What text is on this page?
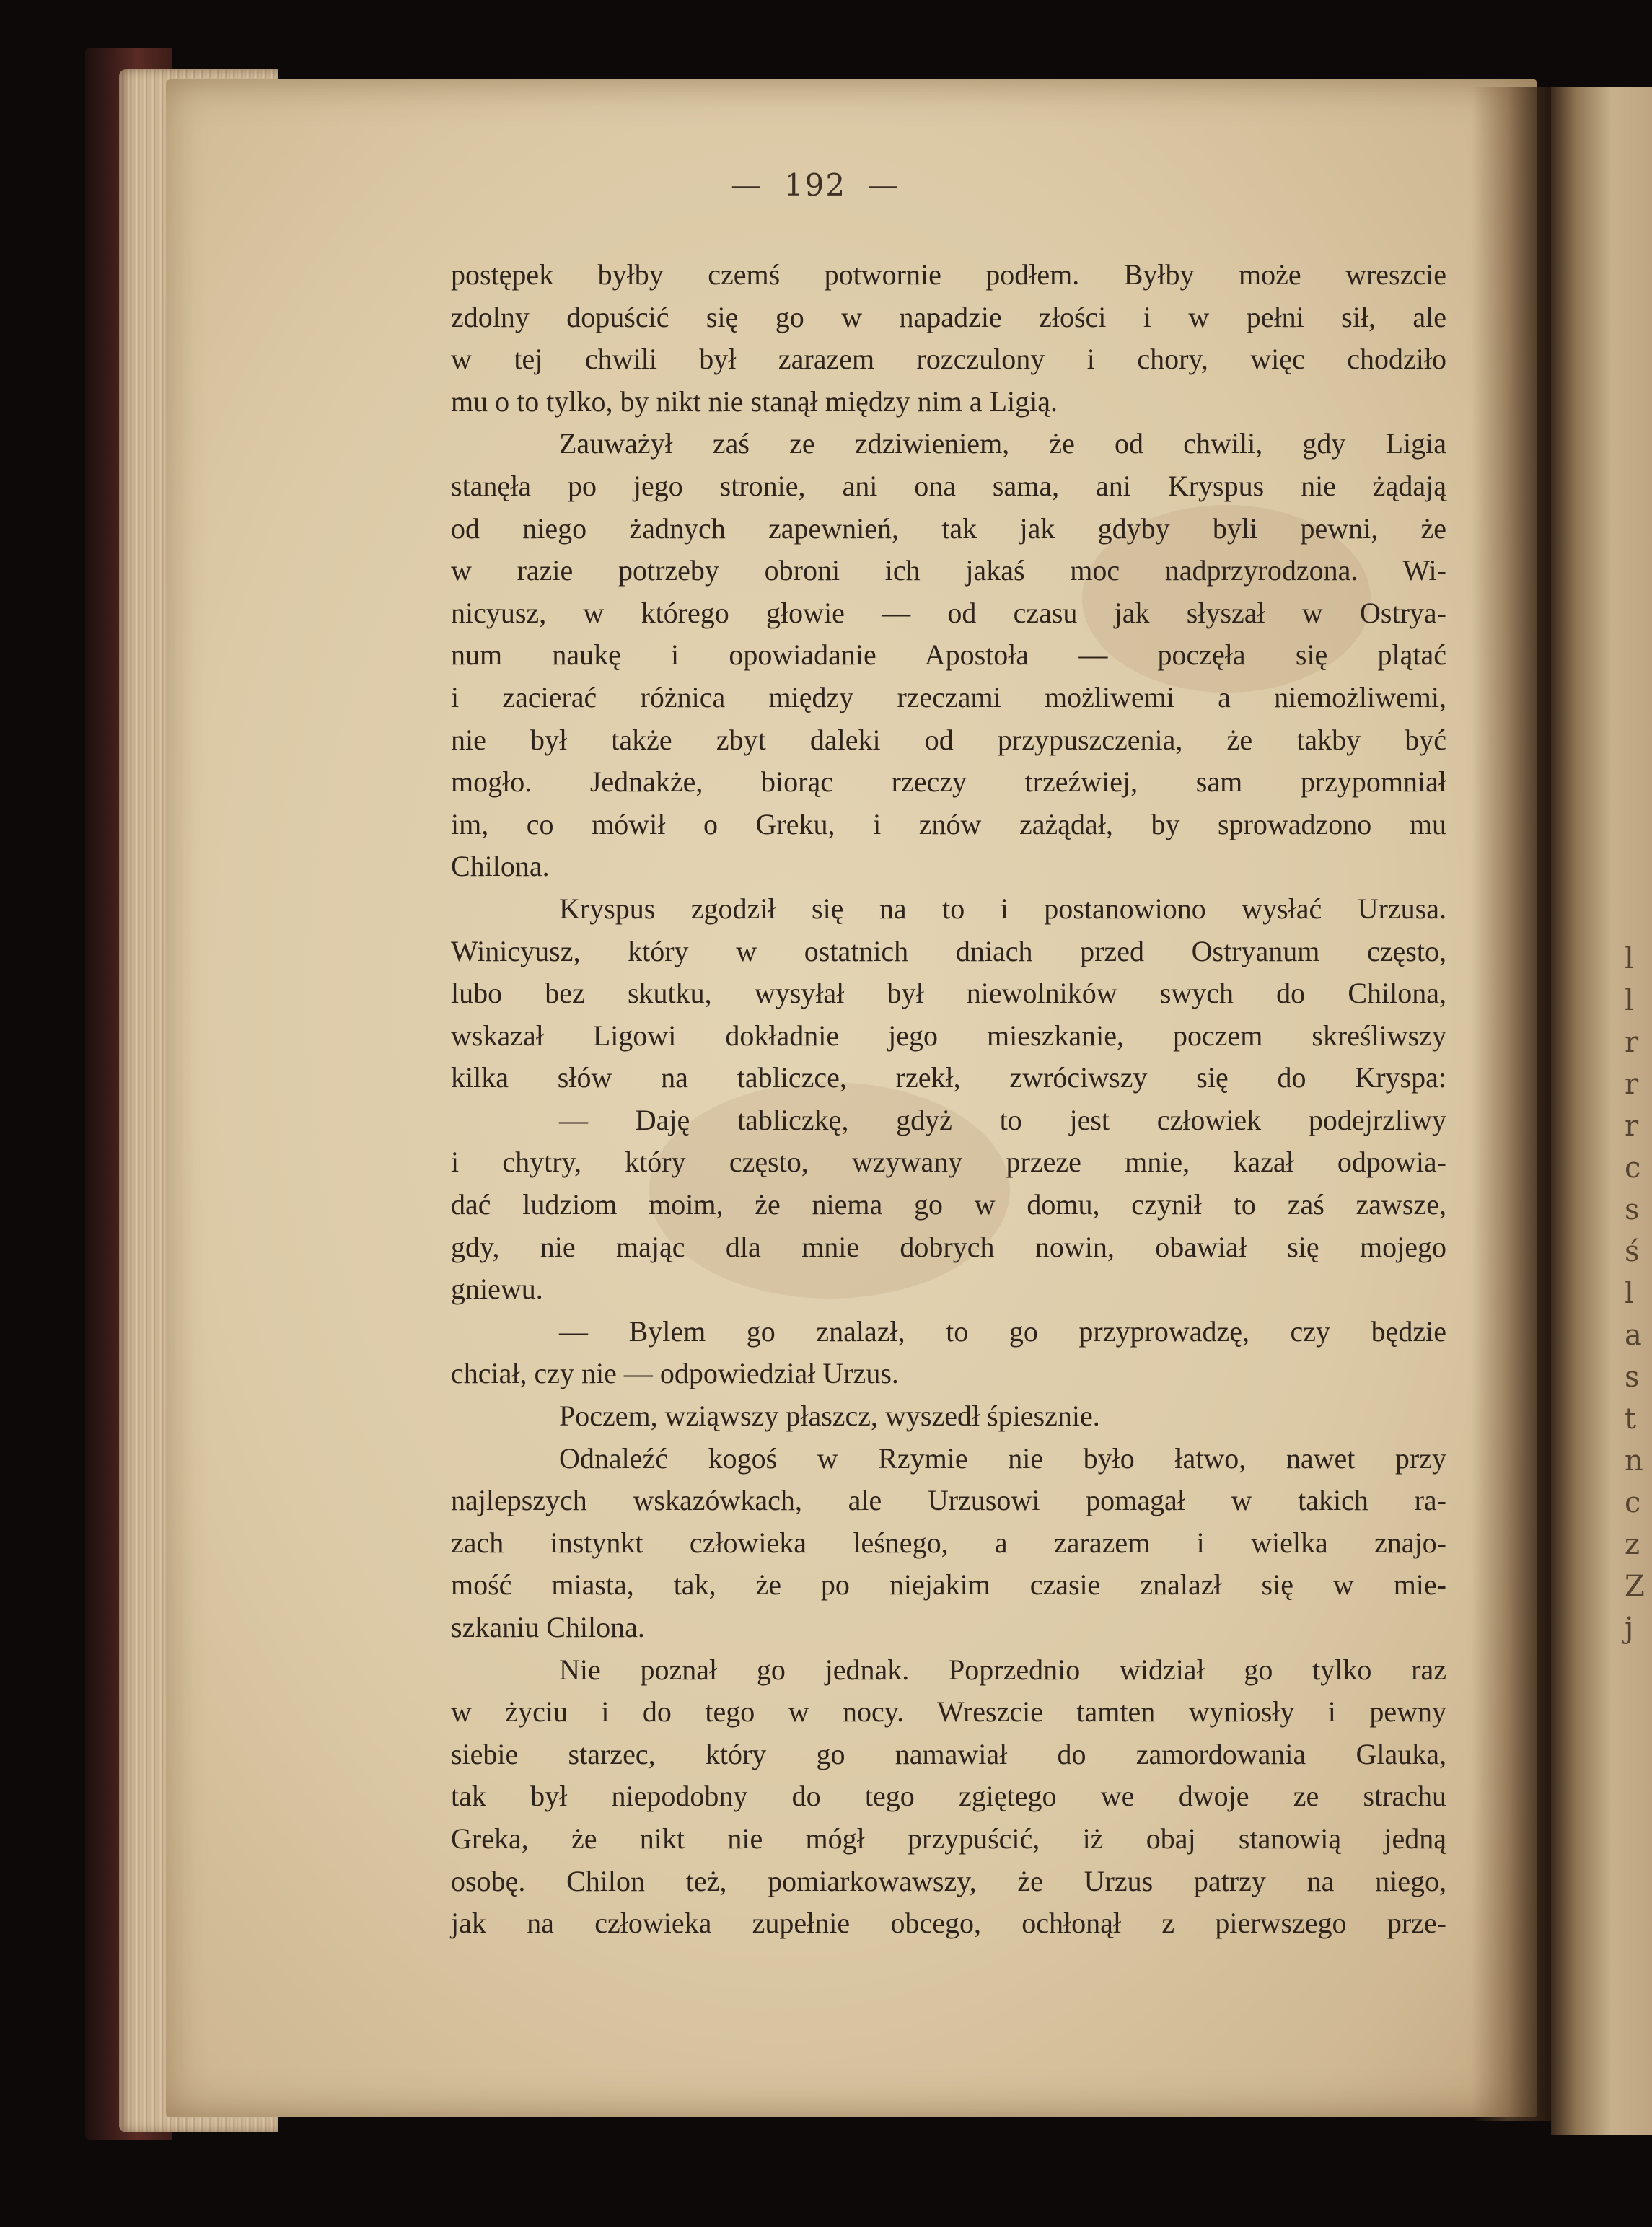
l
l
r
r
r
c
s
ś
l
a
s
t
n
c
z
Z
j
— 192 —
postępek byłby czemś potwornie podłem. Byłby może wreszcie
zdolny dopuścić się go w napadzie złości i w pełni sił, ale
w tej chwili był zarazem rozczulony i chory, więc chodziło
mu o to tylko, by nikt nie stanął między nim a Ligią.
Zauważył zaś ze zdziwieniem, że od chwili, gdy Ligia
stanęła po jego stronie, ani ona sama, ani Kryspus nie żądają
od niego żadnych zapewnień, tak jak gdyby byli pewni, że
w razie potrzeby obroni ich jakaś moc nadprzyrodzona. Wi-
nicyusz, w którego głowie — od czasu jak słyszał w Ostrya-
num naukę i opowiadanie Apostoła — poczęła się plątać
i zacierać różnica między rzeczami możliwemi a niemożliwemi,
nie był także zbyt daleki od przypuszczenia, że takby być
mogło. Jednakże, biorąc rzeczy trzeźwiej, sam przypomniał
im, co mówił o Greku, i znów zażądał, by sprowadzono mu
Chilona.
Kryspus zgodził się na to i postanowiono wysłać Urzusa.
Winicyusz, który w ostatnich dniach przed Ostryanum często,
lubo bez skutku, wysyłał był niewolników swych do Chilona,
wskazał Ligowi dokładnie jego mieszkanie, poczem skreśliwszy
kilka słów na tabliczce, rzekł, zwróciwszy się do Kryspa:
— Daję tabliczkę, gdyż to jest człowiek podejrzliwy
i chytry, który często, wzywany przeze mnie, kazał odpowia-
dać ludziom moim, że niema go w domu, czynił to zaś zawsze,
gdy, nie mając dla mnie dobrych nowin, obawiał się mojego
gniewu.
— Bylem go znalazł, to go przyprowadzę, czy będzie
chciał, czy nie — odpowiedział Urzus.
Poczem, wziąwszy płaszcz, wyszedł śpiesznie.
Odnaleźć kogoś w Rzymie nie było łatwo, nawet przy
najlepszych wskazówkach, ale Urzusowi pomagał w takich ra-
zach instynkt człowieka leśnego, a zarazem i wielka znajo-
mość miasta, tak, że po niejakim czasie znalazł się w mie-
szkaniu Chilona.
Nie poznał go jednak. Poprzednio widział go tylko raz
w życiu i do tego w nocy. Wreszcie tamten wyniosły i pewny
siebie starzec, który go namawiał do zamordowania Glauka,
tak był niepodobny do tego zgiętego we dwoje ze strachu
Greka, że nikt nie mógł przypuścić, iż obaj stanowią jedną
osobę. Chilon też, pomiarkowawszy, że Urzus patrzy na niego,
jak na człowieka zupełnie obcego, ochłonął z pierwszego prze-
